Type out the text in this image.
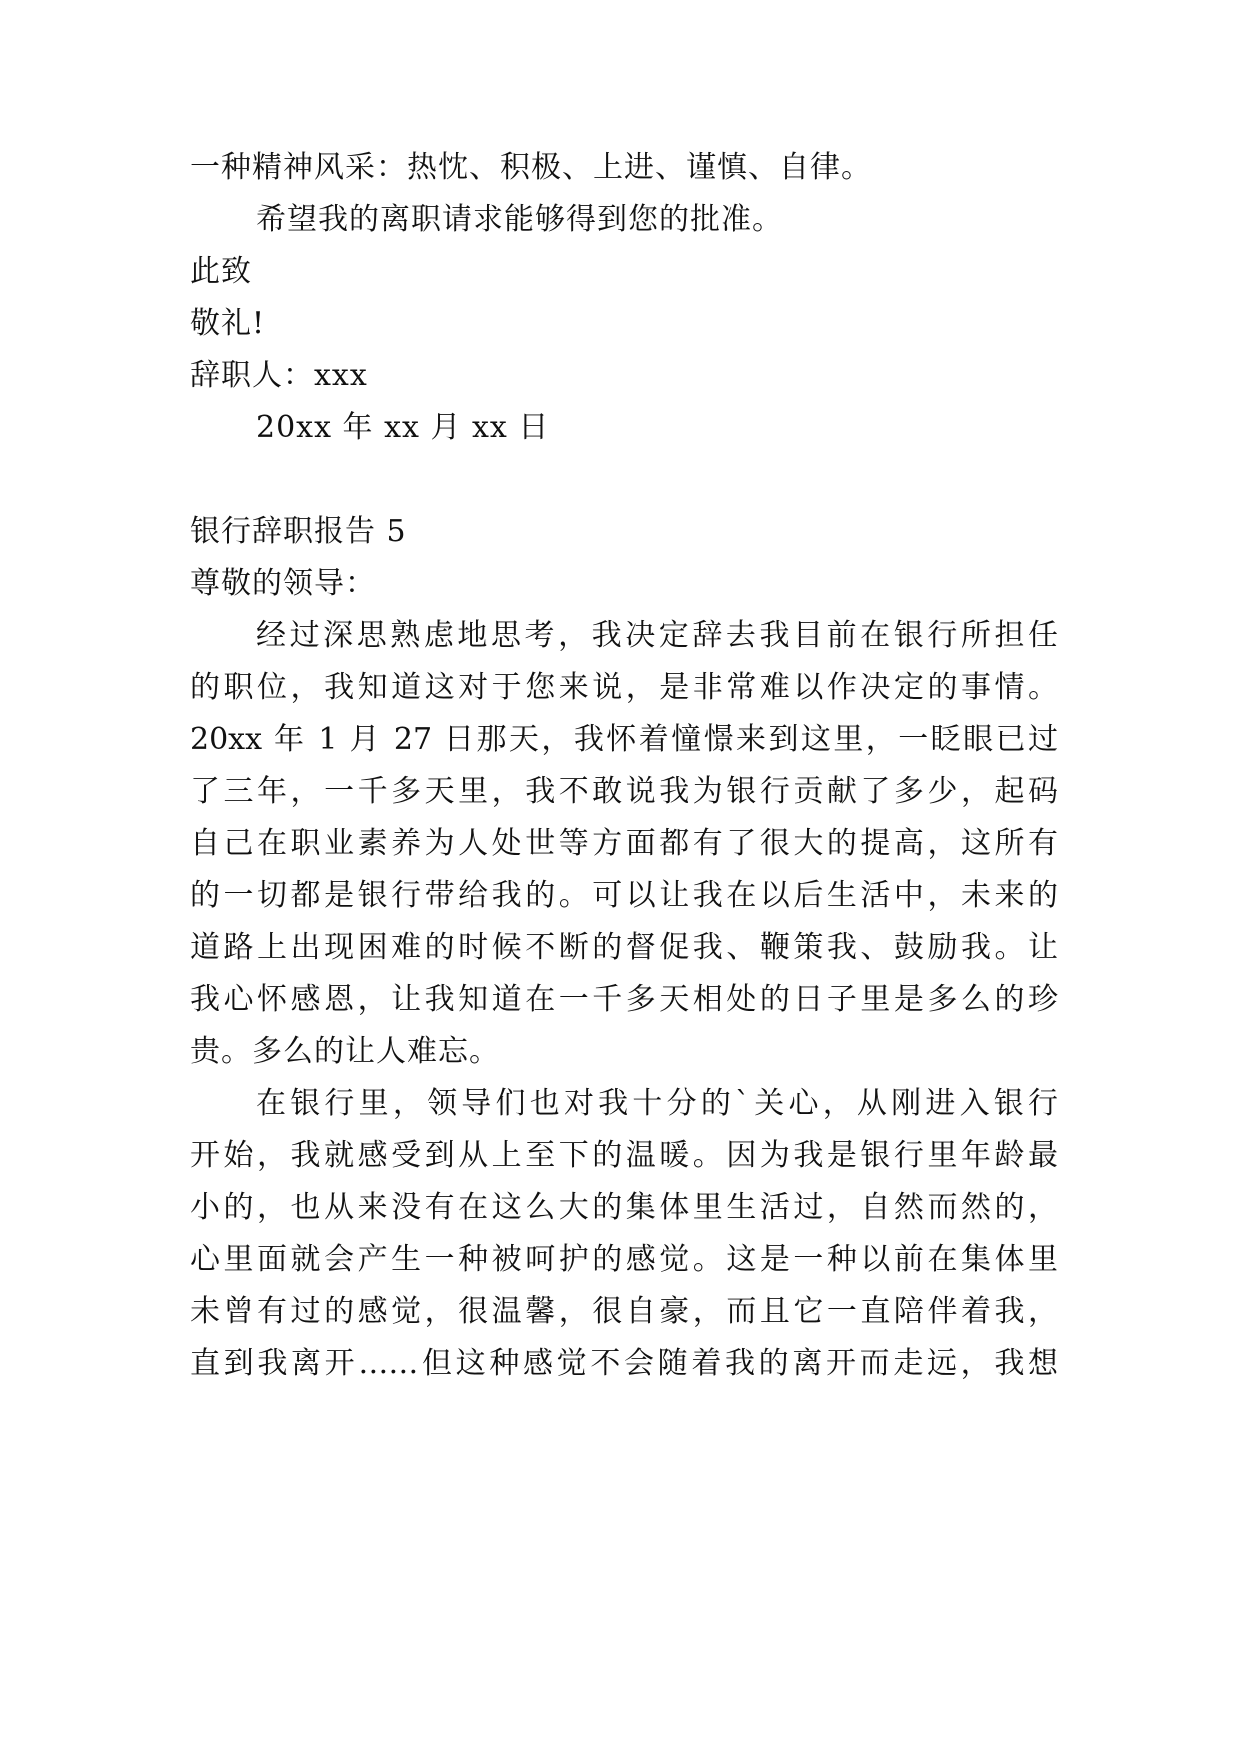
一种精神风采：热忱、积极、上进、谨慎、自律。
希望我的离职请求能够得到您的批准。
此致
敬礼!
辞职人：xxx
20xx 年 xx 月 xx 日
银行辞职报告 5
尊敬的领导：
经过深思熟虑地思考，我决定辞去我目前在银行所担任
的职位，我知道这对于您来说，是非常难以作决定的事情。
20xx 年 1 月 27 日那天，我怀着憧憬来到这里，一眨眼已过
了三年，一千多天里，我不敢说我为银行贡献了多少，起码
自己在职业素养为人处世等方面都有了很大的提高，这所有
的一切都是银行带给我的。可以让我在以后生活中，未来的
道路上出现困难的时候不断的督促我、鞭策我、鼓励我。让
我心怀感恩，让我知道在一千多天相处的日子里是多么的珍
贵。多么的让人难忘。
在银行里，领导们也对我十分的`关心，从刚进入银行
开始，我就感受到从上至下的温暖。因为我是银行里年龄最
小的，也从来没有在这么大的集体里生活过，自然而然的，
心里面就会产生一种被呵护的感觉。这是一种以前在集体里
未曾有过的感觉，很温馨，很自豪，而且它一直陪伴着我，
直到我离开……但这种感觉不会随着我的离开而走远，我想
